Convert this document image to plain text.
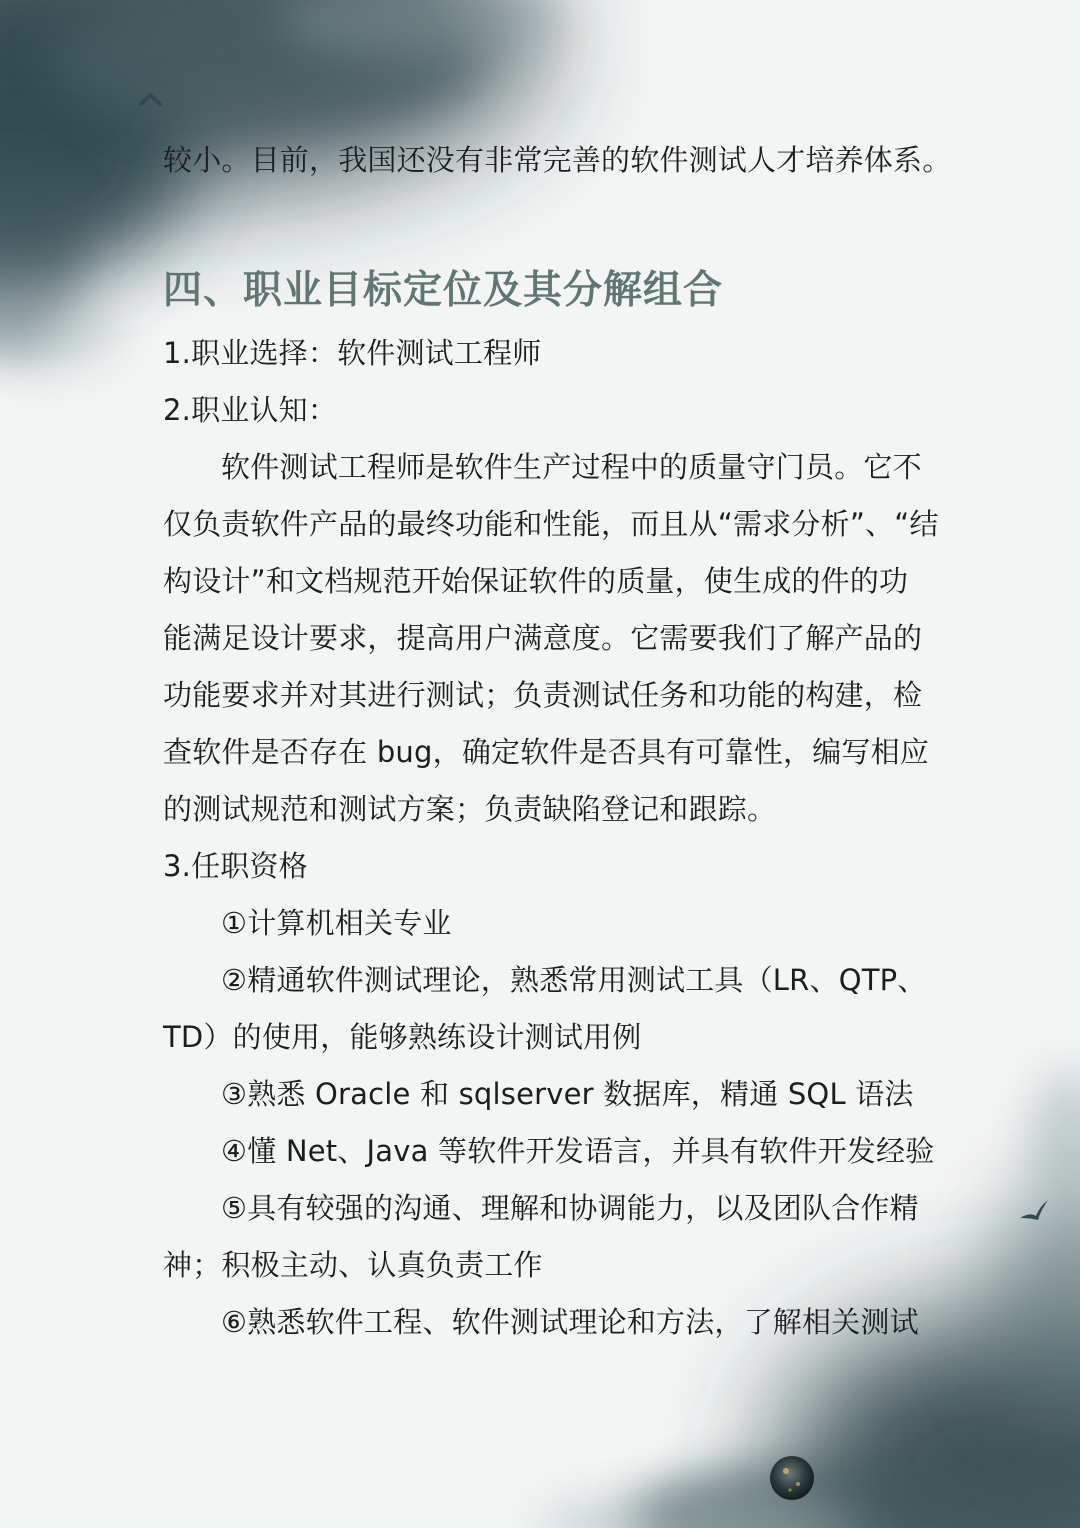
较小。目前，我国还没有非常完善的软件测试人才培养体系。
四、职业目标定位及其分解组合
1.职业选择：软件测试工程师
2.职业认知：
软件测试工程师是软件生产过程中的质量守门员。它不
仅负责软件产品的最终功能和性能，而且从“需求分析”、“结
构设计”和文档规范开始保证软件的质量，使生成的件的功
能满足设计要求，提高用户满意度。它需要我们了解产品的
功能要求并对其进行测试；负责测试任务和功能的构建，检
查软件是否存在 bug，确定软件是否具有可靠性，编写相应
的测试规范和测试方案；负责缺陷登记和跟踪。
3.任职资格
①计算机相关专业
②精通软件测试理论，熟悉常用测试工具（LR、QTP、
TD）的使用，能够熟练设计测试用例
③熟悉 Oracle 和 sqlserver 数据库，精通 SQL 语法
④懂 Net、Java 等软件开发语言，并具有软件开发经验
⑤具有较强的沟通、理解和协调能力，以及团队合作精
神；积极主动、认真负责工作
⑥熟悉软件工程、软件测试理论和方法，了解相关测试
